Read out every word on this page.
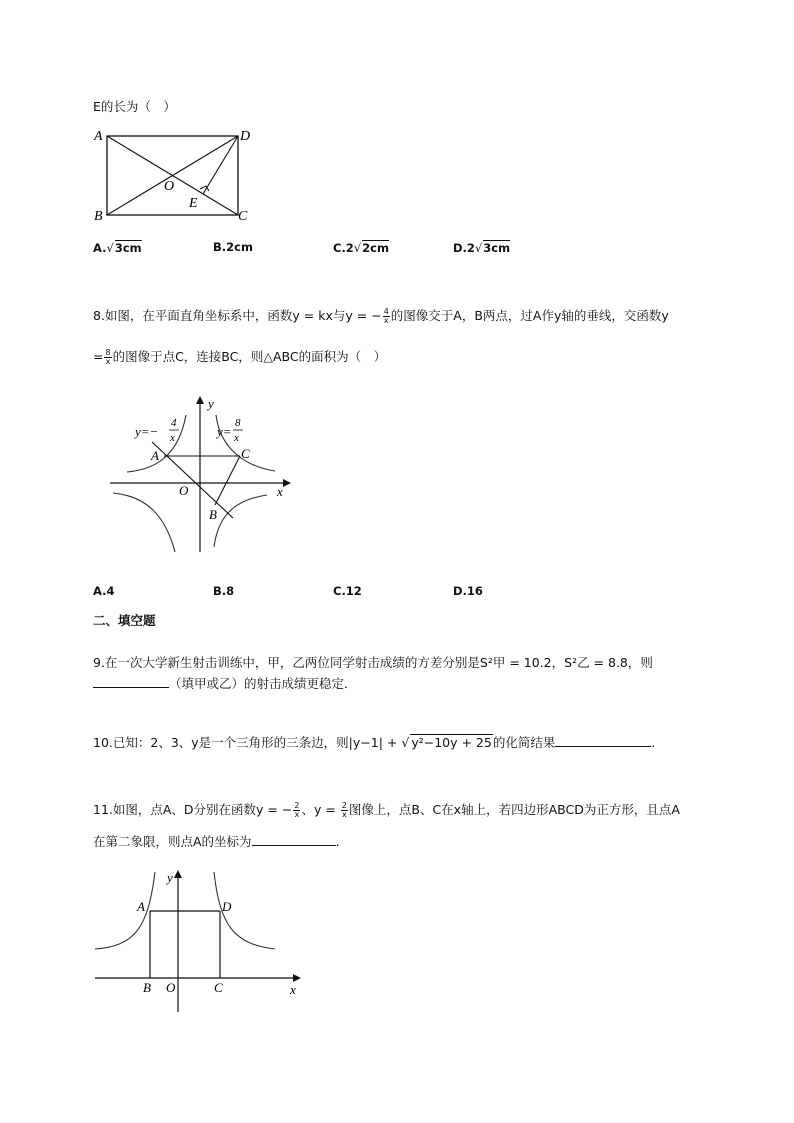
E的长为（　）
A
B	C
D
O
E
A.√3cm	B.2cm	C.2√2cm	D.2√3cm
8.如图，在平面直角坐标系中，函数y = kx与y = − $\frac{4}{x}$ 的图像交于A，B两点，过A作y轴的垂线，交函数y
= $\frac{8}{x}$ 的图像于点C，连接BC，则△ABC的面积为（　）
y=−
4
x	y=
8
x
y
x
A	C
O
B
A.4	B.8	C.12	D.16
二、填空题
9.在一次大学新生射击训练中，甲，乙两位同学射击成绩的方差分别是S²甲 = 10.2，S²乙 = 8.8，则
（填甲或乙）的射击成绩更稳定．
10.已知：2、3、y是一个三角形的三条边，则|y−1| + √ y²−10y + 25的化简结果	.
11.如图，点A、D分别在函数y = − $\frac{2}{x}$ 、$y = \frac{2}{x}$ 图像上，点B、C在x轴上，若四边形ABCD为正方形，且点A
在第二象限，则点A的坐标为	.
y
x
A	D
B O	C
